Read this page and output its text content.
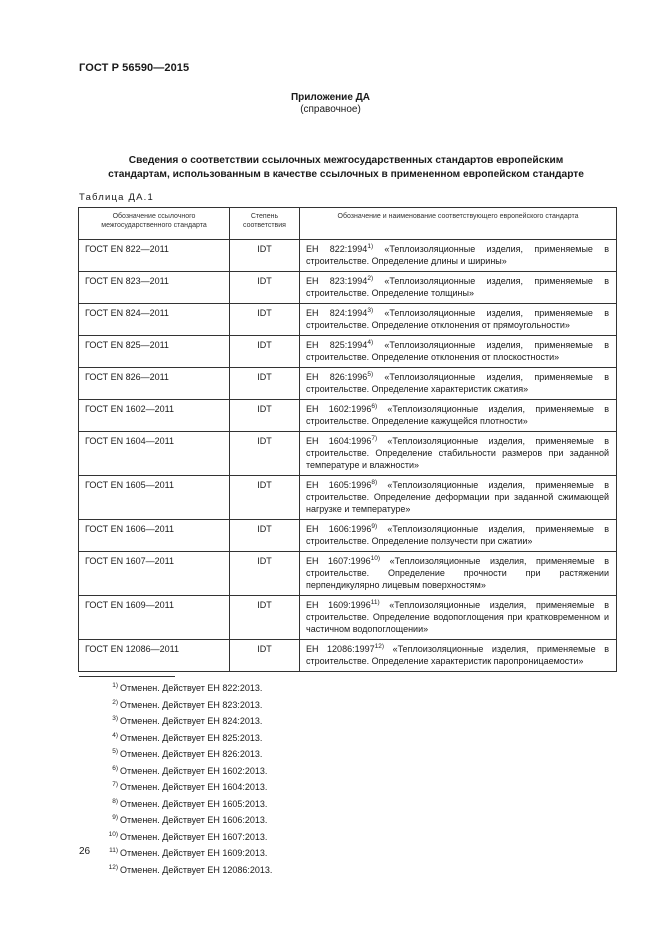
ГОСТ Р 56590—2015
Приложение ДА
(справочное)
Сведения о соответствии ссылочных межгосударственных стандартов европейским
стандартам, использованным в качестве ссылочных в примененном европейском стандарте
Таблица ДА.1
Обозначение ссылочного межгосударственного стандарта	Степень соответствия	Обозначение и наименование соответствующего европейского стандарта
ГОСТ EN 822—2011	IDT	ЕН 822:1994$^{1)}$ «Теплоизоляционные изделия, применяемые в строительстве. Определение длины и ширины»
ГОСТ EN 823—2011	IDT	ЕН 823:1994$^{2)}$ «Теплоизоляционные изделия, применяемые в строительстве. Определение толщины»
ГОСТ EN 824—2011	IDT	ЕН 824:1994$^{3)}$ «Теплоизоляционные изделия, применяемые в строительстве. Определение отклонения от прямоугольности»
ГОСТ EN 825—2011	IDT	ЕН 825:1994$^{4)}$ «Теплоизоляционные изделия, применяемые в строительстве. Определение отклонения от плоскостности»
ГОСТ EN 826—2011	IDT	ЕН 826:1996$^{5)}$ «Теплоизоляционные изделия, применяемые в строительстве. Определение характеристик сжатия»
ГОСТ EN 1602—2011	IDT	ЕН 1602:1996$^{6)}$ «Теплоизоляционные изделия, применяемые в строительстве. Определение кажущейся плотности»
ГОСТ EN 1604—2011	IDT	ЕН 1604:1996$^{7)}$ «Теплоизоляционные изделия, применяемые в строительстве. Определение стабильности размеров при заданной температуре и влажности»
ГОСТ EN 1605—2011	IDT	ЕН 1605:1996$^{8)}$ «Теплоизоляционные изделия, применяемые в строительстве. Определение деформации при заданной сжимающей нагрузке и температуре»
ГОСТ EN 1606—2011	IDT	ЕН 1606:1996$^{9)}$ «Теплоизоляционные изделия, применяемые в строительстве. Определение ползучести при сжатии»
ГОСТ EN 1607—2011	IDT	ЕН 1607:1996$^{10)}$ «Теплоизоляционные изделия, применяемые в строительстве. Определение прочности при растяжении перпендикулярно лицевым поверхностям»
ГОСТ EN 1609—2011	IDT	ЕН 1609:1996$^{11)}$ «Теплоизоляционные изделия, применяемые в строительстве. Определение водопоглощения при кратковременном и частичном водопоглощении»
ГОСТ EN 12086—2011	IDT	ЕН 12086:1997$^{12)}$ «Теплоизоляционные изделия, применяемые в строительстве. Определение характеристик паропроницаемости»
$^{1)}$ Отменен. Действует ЕН 822:2013.
$^{2)}$ Отменен. Действует ЕН 823:2013.
$^{3)}$ Отменен. Действует ЕН 824:2013.
$^{4)}$ Отменен. Действует ЕН 825:2013.
$^{5)}$ Отменен. Действует ЕН 826:2013.
$^{6)}$ Отменен. Действует ЕН 1602:2013.
$^{7)}$ Отменен. Действует ЕН 1604:2013.
$^{8)}$ Отменен. Действует ЕН 1605:2013.
$^{9)}$ Отменен. Действует ЕН 1606:2013.
$^{10)}$ Отменен. Действует ЕН 1607:2013.
$^{11)}$ Отменен. Действует ЕН 1609:2013.
$^{12)}$ Отменен. Действует ЕН 12086:2013.
26
